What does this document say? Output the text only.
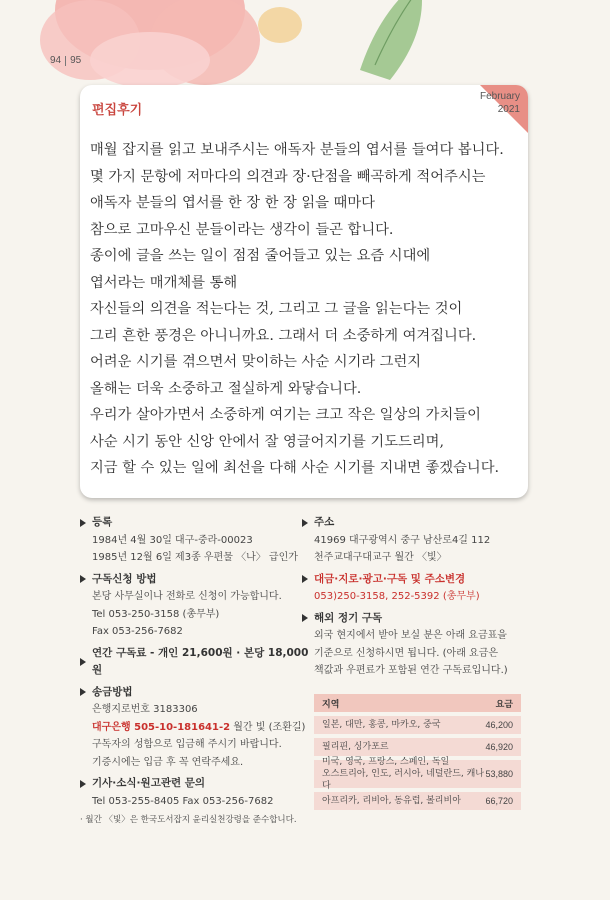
94 95
February
2021
편집후기
매월 잡지를 읽고 보내주시는 애독자 분들의 엽서를 들여다 봅니다.
몇 가지 문항에 저마다의 의견과 장·단점을 빼곡하게 적어주시는
애독자 분들의 엽서를 한 장 한 장 읽을 때마다
참으로 고마우신 분들이라는 생각이 들곤 합니다.
종이에 글을 쓰는 일이 점점 줄어들고 있는 요즘 시대에
엽서라는 매개체를 통해
자신들의 의견을 적는다는 것, 그리고 그 글을 읽는다는 것이
그리 흔한 풍경은 아니니까요. 그래서 더 소중하게 여겨집니다.
어려운 시기를 겪으면서 맞이하는 사순 시기라 그런지
올해는 더욱 소중하고 절실하게 와닿습니다.
우리가 살아가면서 소중하게 여기는 크고 작은 일상의 가치들이
사순 시기 동안 신앙 안에서 잘 영글어지기를 기도드리며,
지금 할 수 있는 일에 최선을 다해 사순 시기를 지내면 좋겠습니다.
등록
1984년 4월 30일 대구-중라-00023
1985년 12월 6일 제3종 우편물 〈나〉 급인가
구독신청 방법
본당 사무실이나 전화로 신청이 가능합니다.
Tel 053-250-3158 (총무부)
Fax 053-256-7682
연간 구독료 - 개인 21,600원 · 본당 18,000원
송금방법
은행지로번호 3183306
대구은행 505-10-181641-2 월간 빛 (조환길)
구독자의 성함으로 입금해 주시기 바랍니다.
기증시에는 입금 후 꼭 연락주세요.
기사·소식·원고관련 문의
Tel 053-255-8405 Fax 053-256-7682
· 월간 〈빛〉은 한국도서잡지 윤리실천강령을 준수합니다.
주소
41969 대구광역시 중구 남산로4길 112
천주교대구대교구 월간 〈빛〉
대금·지로·광고·구독 및 주소변경
053)250-3158, 252-5392 (총무부)
해외 정기 구독
외국 현지에서 받아 보실 분은 아래 요금표을
기준으로 신청하시면 됩니다. (아래 요금은
책값과 우편료가 포함된 연간 구독료입니다.)
지역	요금
일본, 대만, 홍콩, 마카오, 중국	46,200
필리핀, 싱가포르	46,920
미국, 영국, 프랑스, 스페인, 독일
오스트리아, 인도, 러시아, 네덜란드, 캐나다
53,880
아프리카, 리비아, 동유럽, 볼리비아	66,720
